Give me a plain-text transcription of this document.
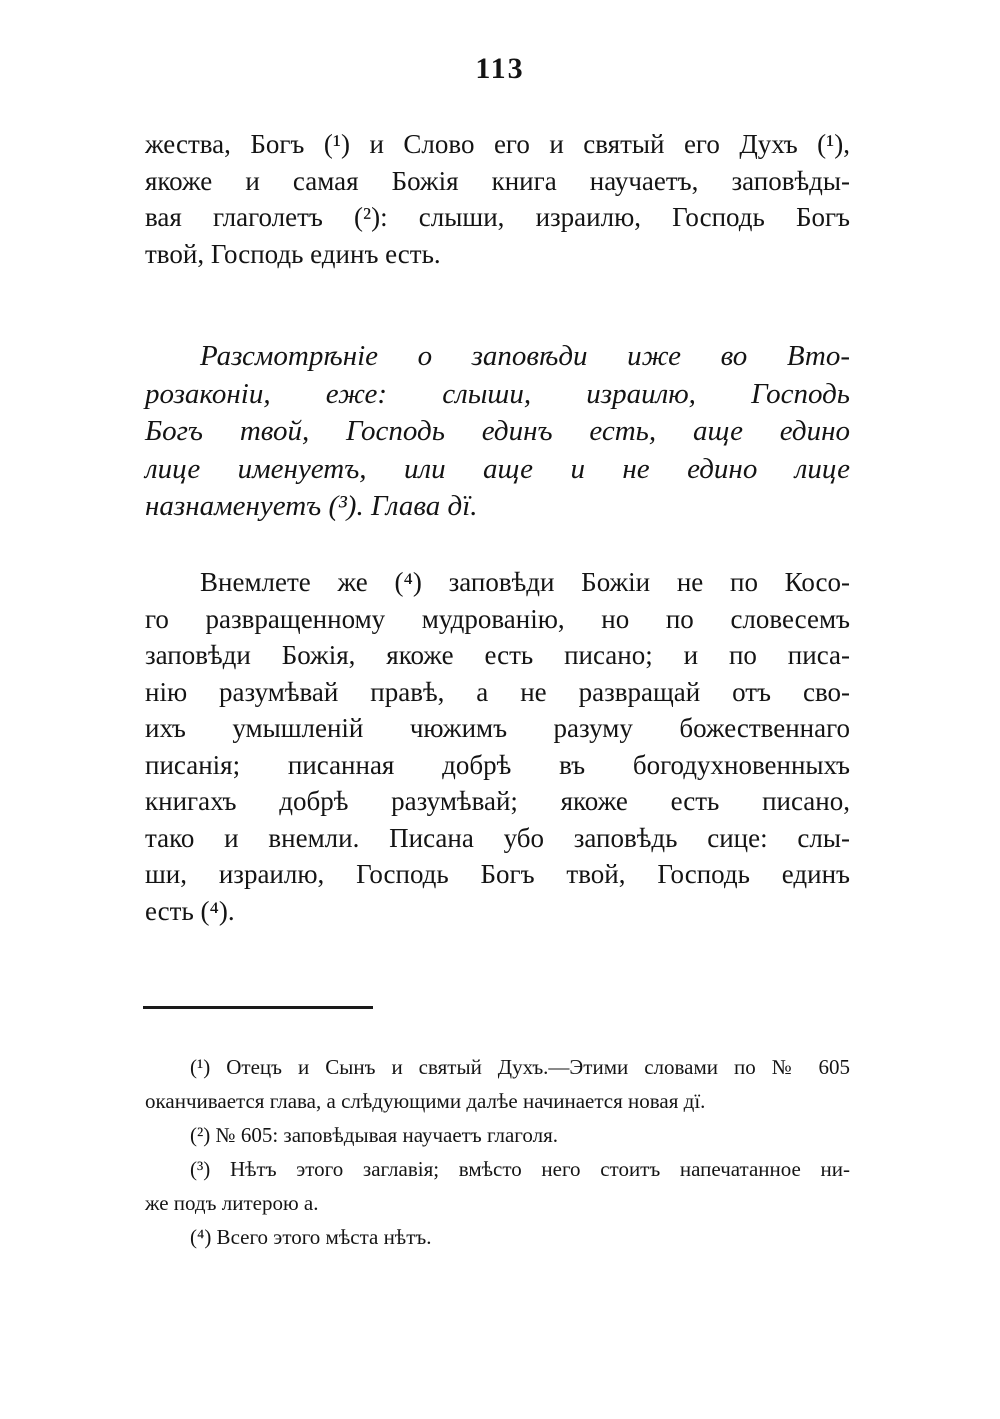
113
жества, Богъ (¹) и Слово его и святый его Духъ (¹),
якоже и самая Божія книга научаетъ, заповѣды-
вая глаголетъ (²): слыши, израилю, Господь Богъ
твой, Господь единъ есть.
Разсмотрѣніе о заповѣди иже во Вто-
розаконіи, еже: слыши, израилю, Господь
Богъ твой, Господь единъ есть, аще едино
лице именуетъ, или аще и не едино лице
назнаменуетъ (³). Глава дї.
Внемлете же (⁴) заповѣди Божіи не по Косо-
го развращенному мудрованію, но по словесемъ
заповѣди Божія, якоже есть писано; и по писа-
нію разумѣвай правѣ, а не развращай отъ сво-
ихъ умышленій чюжимъ разуму божественнаго
писанія; писанная добрѣ въ богодухновенныхъ
книгахъ добрѣ разумѣвай; якоже есть писано,
тако и внемли. Писана убо заповѣдь сице: слы-
ши, израилю, Господь Богъ твой, Господь единъ
есть (⁴).
(¹) Отецъ и Сынъ и святый Духъ.—Этими словами по № 605
оканчивается глава, а слѣдующими далѣе начинается новая дї.
(²) № 605: заповѣдывая научаетъ глаголя.
(³) Нѣтъ этого заглавія; вмѣсто него стоитъ напечатанное ни-
же подъ литерою а.
(⁴) Всего этого мѣста нѣтъ.
